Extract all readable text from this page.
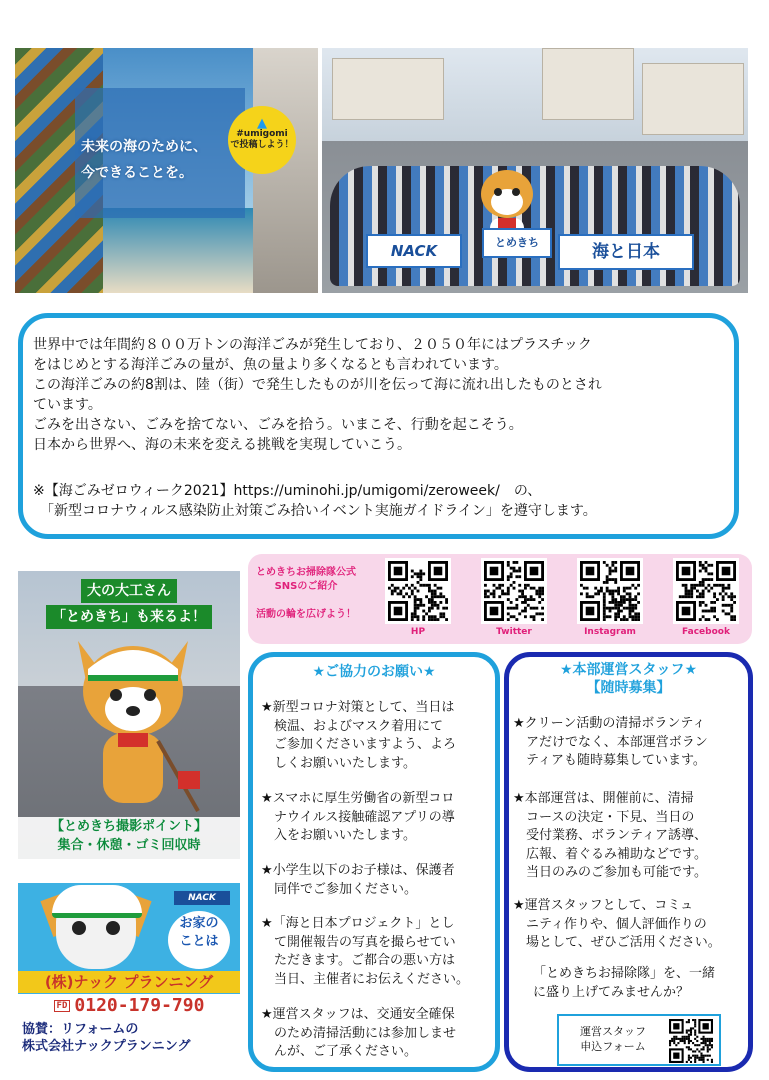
未来の海のために、
今できることを。
▲
#umigomi
で投稿しよう！
NACK	とめきち	海と日本
世界中では年間約８００万トンの海洋ごみが発生しており、２０５０年にはプラスチック
をはじめとする海洋ごみの量が、魚の量より多くなるとも言われています。
この海洋ごみの約8割は、陸（街）で発生したものが川を伝って海に流れ出したものとされ
ています。
ごみを出さない、ごみを捨てない、ごみを拾う。いまこそ、行動を起こそう。
日本から世界へ、海の未来を変える挑戦を実現していこう。
※【海ごみゼロウィーク2021】https://uminohi.jp/umigomi/zeroweek/　の、
　「新型コロナウィルス感染防止対策ごみ拾いイベント実施ガイドライン」を遵守します。
大の大工さん
「とめきち」も来るよ！
【とめきち撮影ポイント】
集合・休憩・ゴミ回収時
NACK
お家の
ことは
(株)ナック プランニング
FD 0120-179-790
協賛：リフォームの
株式会社ナックプランニング
とめきちお掃除隊公式
SNSのご紹介
活動の輪を広げよう！
HP	Twitter	Instagram	Facebook
★ご協力のお願い★
★新型コロナ対策として、当日は
　検温、およびマスク着用にて
　ご参加くださいますよう、よろ
　しくお願いいたします。
★スマホに厚生労働省の新型コロ
　ナウイルス接触確認アプリの導
　入をお願いいたします。
★小学生以下のお子様は、保護者
　同伴でご参加ください。
★「海と日本プロジェクト」とし
　て開催報告の写真を撮らせてい
　ただきます。ご都合の悪い方は
　当日、主催者にお伝えください。
★運営スタッフは、交通安全確保
　のため清掃活動には参加しませ
　んが、ご了承ください。
★本部運営スタッフ★
【随時募集】
★クリーン活動の清掃ボランティ
　アだけでなく、本部運営ボラン
　ティアも随時募集しています。
★本部運営は、開催前に、清掃
　コースの決定・下見、当日の
　受付業務、ボランティア誘導、
　広報、着ぐるみ補助などです。
　当日のみのご参加も可能です。
★運営スタッフとして、コミュ
　ニティ作りや、個人評価作りの
　場として、ぜひご活用ください。
「とめきちお掃除隊」を、一緒
に盛り上げてみませんか？
運営スタッフ
申込フォーム
